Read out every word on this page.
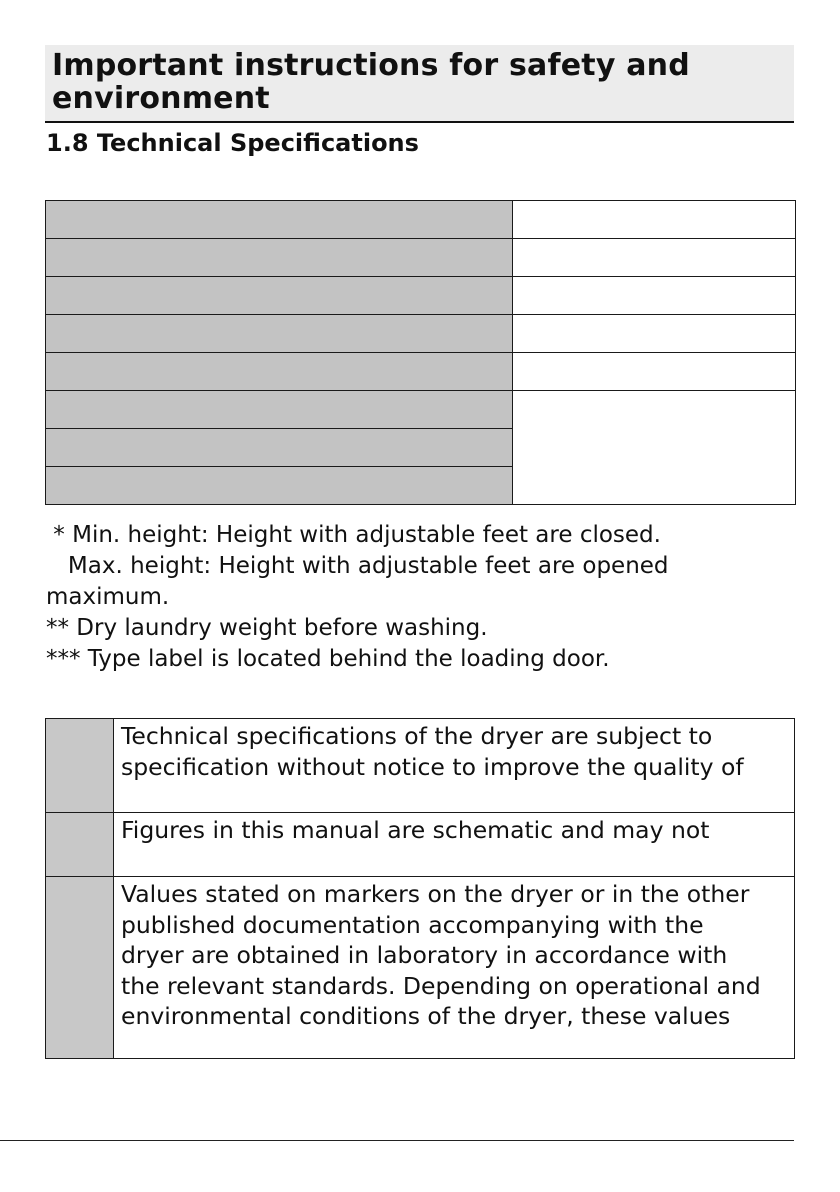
Important instructions for safety and
environment
1.8 Technical Specifications

* Min. height: Height with adjustable feet are closed.

Max. height: Height with adjustable feet are opened

maximum.

** Dry laundry weight before washing.

*** Type label is located behind the loading door.

	Technical specifications of the dryer are subject to
specification without notice to improve the quality of

	Figures in this manual are schematic and may not

	Values stated on markers on the dryer or in the other
published documentation accompanying with the
dryer are obtained in laboratory in accordance with
the relevant standards. Depending on operational and
environmental conditions of the dryer, these values
